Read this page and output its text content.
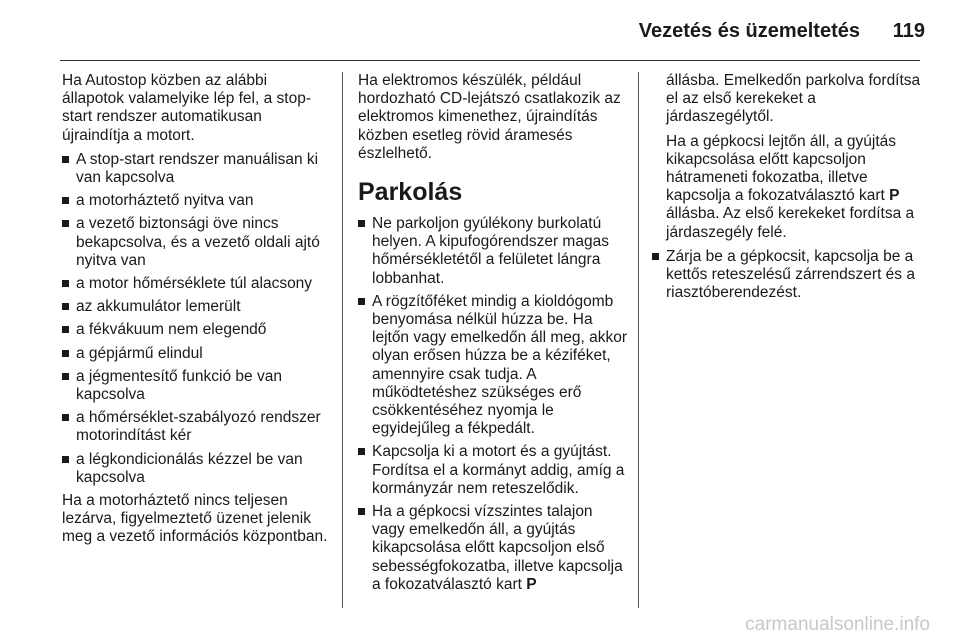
Vezetés és üzemeltetés	119

Ha Autostop közben az alábbi állapotok valamelyike lép fel, a stop-start rendszer automatikusan újraindítja a motort.

A stop-start rendszer manuálisan ki van kapcsolva
a motorháztető nyitva van
a vezető biztonsági öve nincs bekapcsolva, és a vezető oldali ajtó nyitva van
a motor hőmérséklete túl alacsony
az akkumulátor lemerült
a fékvákuum nem elegendő
a gépjármű elindul
a jégmentesítő funkció be van kapcsolva
a hőmérséklet-szabályozó rendszer motorindítást kér
a légkondicionálás kézzel be van kapcsolva

Ha a motorháztető nincs teljesen lezárva, figyelmeztető üzenet jelenik meg a vezető információs központban.

Ha elektromos készülék, például hordozható CD-lejátszó csatlakozik az elektromos kimenethez, újraindítás közben esetleg rövid áramesés észlelhető.

Parkolás
Ne parkoljon gyúlékony burkolatú helyen. A kipufogórendszer magas hőmérsékletétől a felületet lángra lobbanhat.
A rögzítőféket mindig a kioldógomb benyomása nélkül húzza be. Ha lejtőn vagy emelkedőn áll meg, akkor olyan erősen húzza be a kéziféket, amennyire csak tudja. A működtetéshez szükséges erő csökkentéséhez nyomja le egyidejűleg a fékpedált.
Kapcsolja ki a motort és a gyújtást. Fordítsa el a kormányt addig, amíg a kormányzár nem reteszelődik.
Ha a gépkocsi vízszintes talajon vagy emelkedőn áll, a gyújtás kikapcsolása előtt kapcsoljon első sebességfokozatba, illetve kapcsolja a fokozatválasztó kart P

állásba. Emelkedőn parkolva fordítsa el az első kerekeket a járdaszegélytől.

Ha a gépkocsi lejtőn áll, a gyújtás kikapcsolása előtt kapcsoljon hátrameneti fokozatba, illetve kapcsolja a fokozatválasztó kart P állásba. Az első kerekeket fordítsa a járdaszegély felé.

Zárja be a gépkocsit, kapcsolja be a kettős reteszelésű zárrendszert és a riasztóberendezést.
carmanualsonline.info
